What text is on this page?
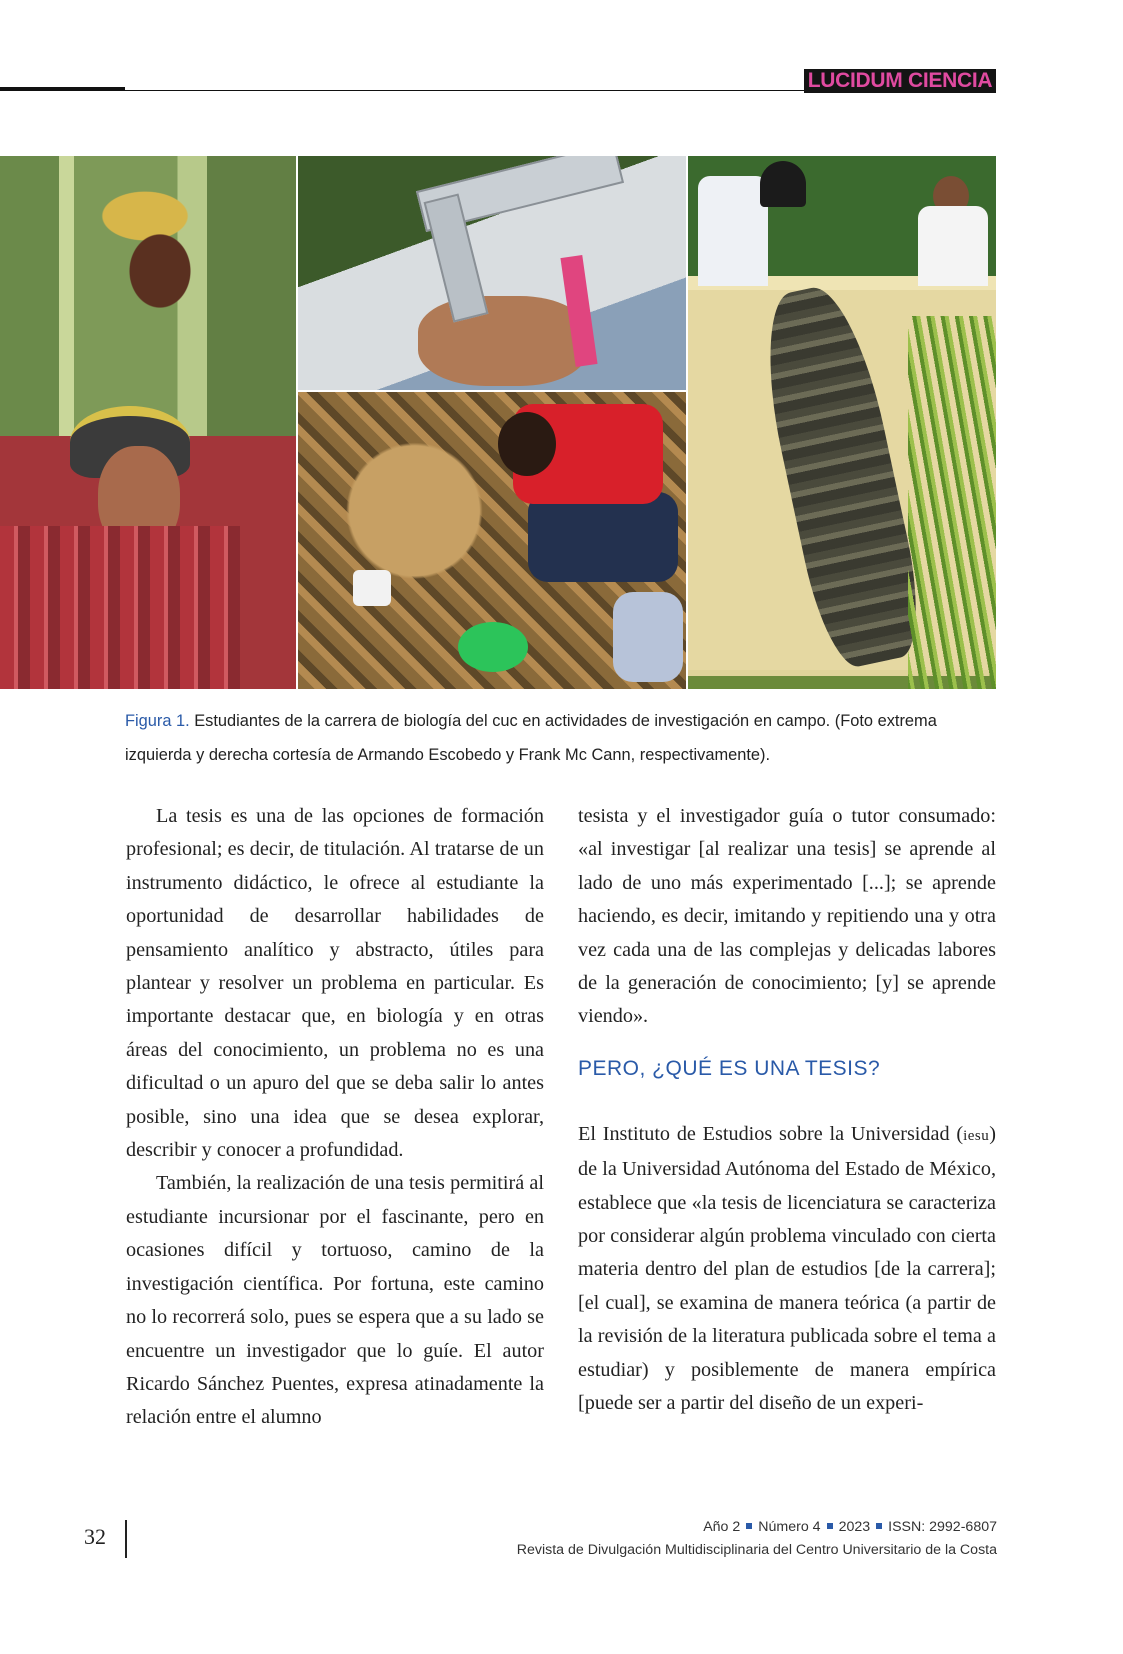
LUCIDUM CIENCIA
Figura 1. Estudiantes de la carrera de biología del cuc en actividades de investigación en campo. (Foto extrema
izquierda y derecha cortesía de Armando Escobedo y Frank Mc Cann, respectivamente).

La tesis es una de las opciones de formación profesional; es decir, de titulación. Al tratarse de un instrumento didáctico, le ofrece al estudiante la oportunidad de desarrollar habilidades de pensamiento analítico y abstracto, útiles para plantear y resolver un problema en particular. Es importante destacar que, en biología y en otras áreas del conocimiento, un problema no es una dificultad o un apuro del que se deba salir lo antes posible, sino una idea que se desea explorar, describir y conocer a profundidad.

También, la realización de una tesis permitirá al estudiante incursionar por el fascinante, pero en ocasiones difícil y tortuoso, camino de la investigación científica. Por fortuna, este camino no lo recorrerá solo, pues se espera que a su lado se encuentre un investigador que lo guíe. El autor Ricardo Sánchez Puentes, expresa atinadamente la relación entre el alumno

tesista y el investigador guía o tutor consumado: «al investigar [al realizar una tesis] se aprende al lado de uno más experimentado [...]; se aprende haciendo, es decir, imitando y repitiendo una y otra vez cada una de las complejas y delicadas labores de la generación de conocimiento; [y] se aprende viendo».

PERO, ¿QUÉ ES UNA TESIS?

El Instituto de Estudios sobre la Universidad (iesu) de la Universidad Autónoma del Estado de México, establece que «la tesis de licenciatura se caracteriza por considerar algún problema vinculado con cierta materia dentro del plan de estudios [de la carrera]; [el cual], se examina de manera teórica (a partir de la revisión de la literatura publicada sobre el tema a estudiar) y posiblemente de manera empírica [puede ser a partir del diseño de un experi-

32	Año 2 Número 4 2023 ISSN: 2992-6807
Revista de Divulgación Multidisciplinaria del Centro Universitario de la Costa
